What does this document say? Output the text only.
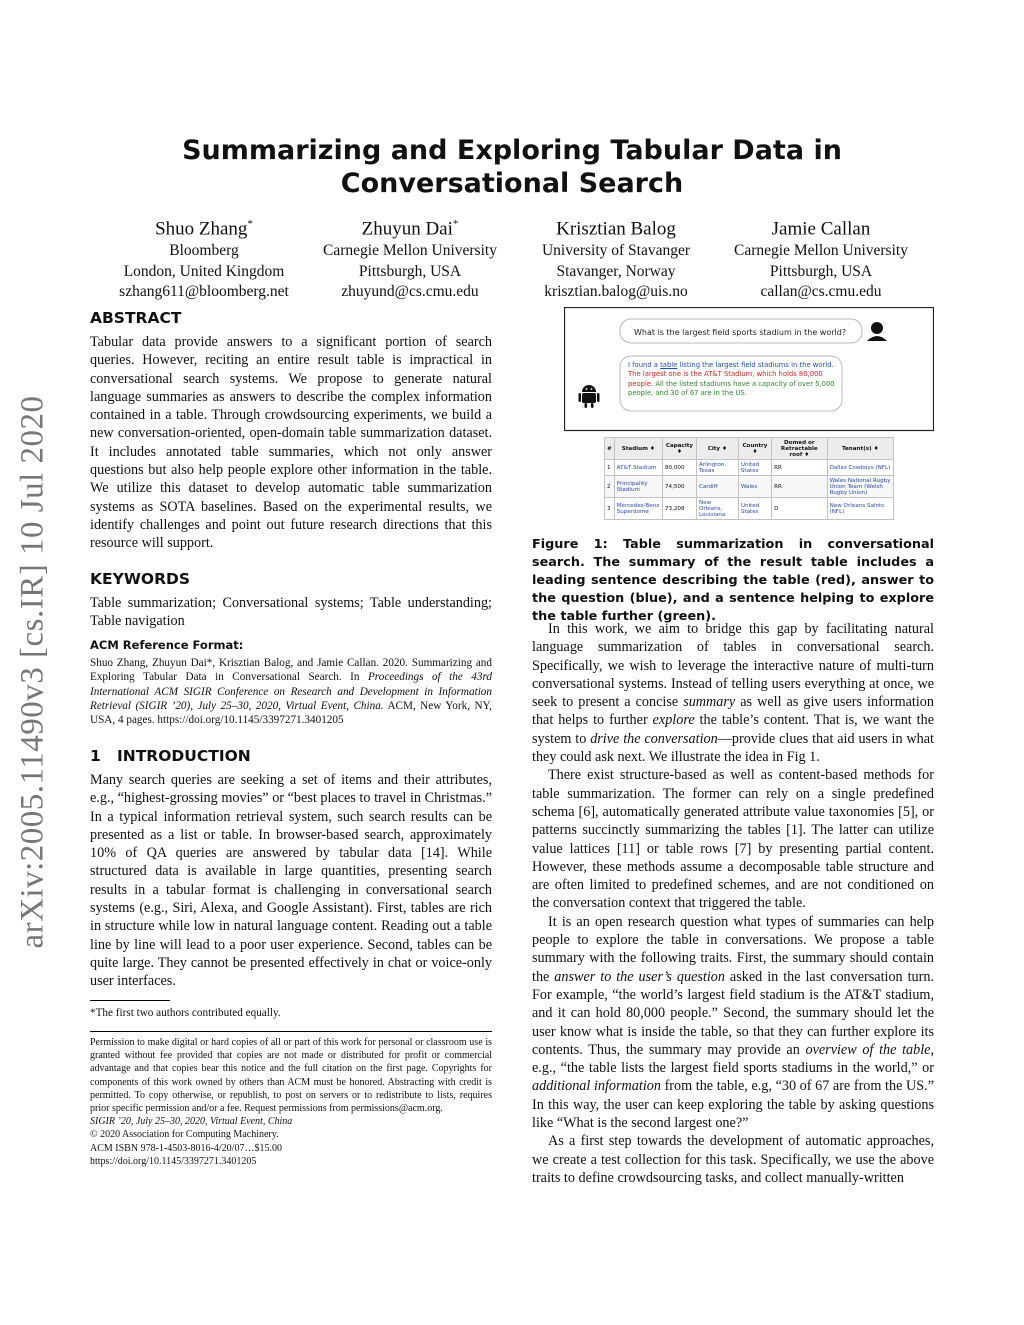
arXiv:2005.11490v3 [cs.IR] 10 Jul 2020
Summarizing and Exploring Tabular Data in Conversational Search
Shuo Zhang*
Bloomberg
London, United Kingdom
szhang611@bloomberg.net
Zhuyun Dai*
Carnegie Mellon University
Pittsburgh, USA
zhuyund@cs.cmu.edu
Krisztian Balog
University of Stavanger
Stavanger, Norway
krisztian.balog@uis.no
Jamie Callan
Carnegie Mellon University
Pittsburgh, USA
callan@cs.cmu.edu
ABSTRACT

Tabular data provide answers to a significant portion of search queries. However, reciting an entire result table is impractical in conversational search systems. We propose to generate natural language summaries as answers to describe the complex information contained in a table. Through crowdsourcing experiments, we build a new conversation-oriented, open-domain table summarization dataset. It includes annotated table summaries, which not only answer questions but also help people explore other information in the table. We utilize this dataset to develop automatic table summarization systems as SOTA baselines. Based on the experimental results, we identify challenges and point out future research directions that this resource will support.

KEYWORDS

Table summarization; Conversational systems; Table understanding; Table navigation

ACM Reference Format:

Shuo Zhang, Zhuyun Dai*, Krisztian Balog, and Jamie Callan. 2020. Summarizing and Exploring Tabular Data in Conversational Search. In Proceedings of the 43rd International ACM SIGIR Conference on Research and Development in Information Retrieval (SIGIR ’20), July 25–30, 2020, Virtual Event, China. ACM, New York, NY, USA, 4 pages. https://doi.org/10.1145/3397271.3401205

1 INTRODUCTION

Many search queries are seeking a set of items and their attributes, e.g., “highest-grossing movies” or “best places to travel in Christmas.” In a typical information retrieval system, such search results can be presented as a list or table. In browser-based search, approximately 10% of QA queries are answered by tabular data [14]. While structured data is available in large quantities, presenting search results in a tabular format is challenging in conversational search systems (e.g., Siri, Alexa, and Google Assistant). First, tables are rich in structure while low in natural language content. Reading out a table line by line will lead to a poor user experience. Second, tables can be quite large. They cannot be presented effectively in chat or voice-only user interfaces.

*The first two authors contributed equally.

Permission to make digital or hard copies of all or part of this work for personal or classroom use is granted without fee provided that copies are not made or distributed for profit or commercial advantage and that copies bear this notice and the full citation on the first page. Copyrights for components of this work owned by others than ACM must be honored. Abstracting with credit is permitted. To copy otherwise, or republish, to post on servers or to redistribute to lists, requires prior specific permission and/or a fee. Request permissions from permissions@acm.org.

SIGIR ’20, July 25–30, 2020, Virtual Event, China

© 2020 Association for Computing Machinery.

ACM ISBN 978-1-4503-8016-4/20/07…$15.00

https://doi.org/10.1145/3397271.3401205

What is the largest field sports stadium in the world?
I found a table listing the largest field stadiums in the world. The largest one is the AT&T Stadium, which holds 80,000 people. All the listed stadiums have a capacity of over 5,000 people, and 30 of 67 are in the US.
#	Stadium ♦	Capacity ♦	City ♦	Country ♦	Domed or Retractable roof ♦	Tenant(s) ♦
1	AT&T Stadium	80,000	Arlington, Texas	United States	RR	Dallas Cowboys (NFL)
2	Principality Stadium	74,500	Cardiff	Wales	RR	Wales National Rugby Union Team (Welsh Rugby Union)
3	Mercedes-Benz Superdome	73,208	New Orleans, Louisiana	United States	D	New Orleans Saints (NFL)
Figure 1: Table summarization in conversational search. The summary of the result table includes a leading sentence describing the table (red), answer to the question (blue), and a sentence helping to explore the table further (green).

In this work, we aim to bridge this gap by facilitating natural language summarization of tables in conversational search. Specifically, we wish to leverage the interactive nature of multi-turn conversational systems. Instead of telling users everything at once, we seek to present a concise summary as well as give users information that helps to further explore the table’s content. That is, we want the system to drive the conversation—provide clues that aid users in what they could ask next. We illustrate the idea in Fig 1.

There exist structure-based as well as content-based methods for table summarization. The former can rely on a single predefined schema [6], automatically generated attribute value taxonomies [5], or patterns succinctly summarizing the tables [1]. The latter can utilize value lattices [11] or table rows [7] by presenting partial content. However, these methods assume a decomposable table structure and are often limited to predefined schemes, and are not conditioned on the conversation context that triggered the table.

It is an open research question what types of summaries can help people to explore the table in conversations. We propose a table summary with the following traits. First, the summary should contain the answer to the user’s question asked in the last conversation turn. For example, “the world’s largest field stadium is the AT&T stadium, and it can hold 80,000 people.” Second, the summary should let the user know what is inside the table, so that they can further explore its contents. Thus, the summary may provide an overview of the table, e.g., “the table lists the largest field sports stadiums in the world,” or additional information from the table, e.g, “30 of 67 are from the US.” In this way, the user can keep exploring the table by asking questions like “What is the second largest one?”

As a first step towards the development of automatic approaches, we create a test collection for this task. Specifically, we use the above traits to define crowdsourcing tasks, and collect manually-written
